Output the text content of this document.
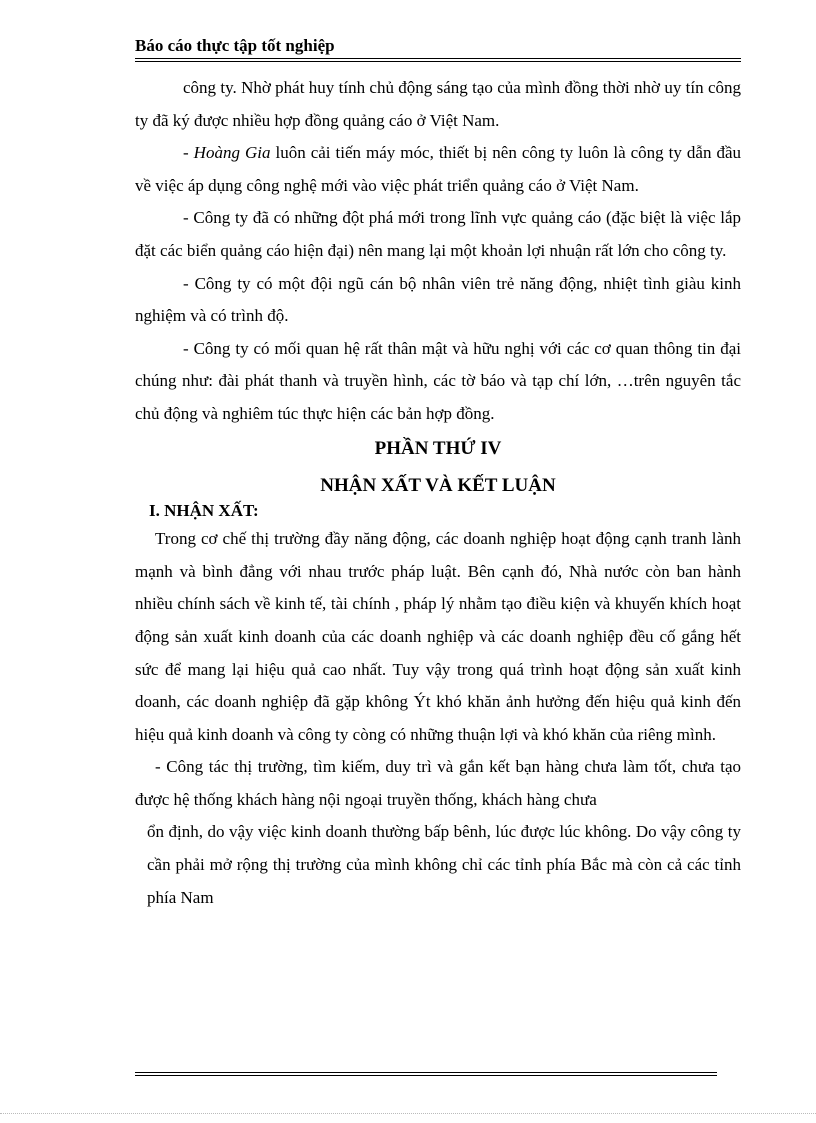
Báo cáo thực tập tốt nghiệp

công ty. Nhờ phát huy tính chủ động sáng tạo của mình đồng thời nhờ uy tín công ty đã ký được nhiều hợp đồng quảng cáo ở Việt Nam.

- Hoàng Gia luôn cải tiến máy móc, thiết bị nên công ty luôn là công ty dẫn đầu về việc áp dụng công nghệ mới vào việc phát triển quảng cáo ở Việt Nam.

- Công ty đã có những đột phá mới trong lĩnh vực quảng cáo (đặc biệt là việc lắp đặt các biển quảng cáo hiện đại) nên mang lại một khoản lợi nhuận rất lớn cho công ty.

- Công ty có một đội ngũ cán bộ nhân viên trẻ năng động, nhiệt tình giàu kinh nghiệm và có trình độ.

- Công ty có mối quan hệ rất thân mật và hữu nghị với các cơ quan thông tin đại chúng như: đài phát thanh và truyền hình, các tờ báo và tạp chí lớn, …trên nguyên tắc chủ động và nghiêm túc thực hiện các bản hợp đồng.

PHẦN THỨ IV

NHẬN XẤT VÀ KẾT LUẬN

I. NHẬN XẤT:

Trong cơ chế thị trường đầy năng động, các doanh nghiệp hoạt động cạnh tranh lành mạnh và bình đẳng với nhau trước pháp luật. Bên cạnh đó, Nhà nước còn ban hành nhiều chính sách về kinh tế, tài chính , pháp lý nhằm tạo điều kiện và khuyến khích hoạt động sản xuất kinh doanh của các doanh nghiệp và các doanh nghiệp đều cố gắng hết sức để mang lại hiệu quả cao nhất. Tuy vậy trong quá trình hoạt động sản xuất kinh doanh, các doanh nghiệp đã gặp không Ýt khó khăn ảnh hưởng đến hiệu quả kinh đến hiệu quả kinh doanh và công ty còng có những thuận lợi và khó khăn của riêng mình.

- Công tác thị trường, tìm kiếm, duy trì và gắn kết bạn hàng chưa làm tốt, chưa tạo được hệ thống khách hàng nội ngoại truyền thống, khách hàng chưa

ổn định, do vậy việc kinh doanh thường bấp bênh, lúc được lúc không. Do vậy công ty cần phải mở rộng thị trường của mình không chỉ các tỉnh phía Bắc mà còn cả các tỉnh phía Nam
